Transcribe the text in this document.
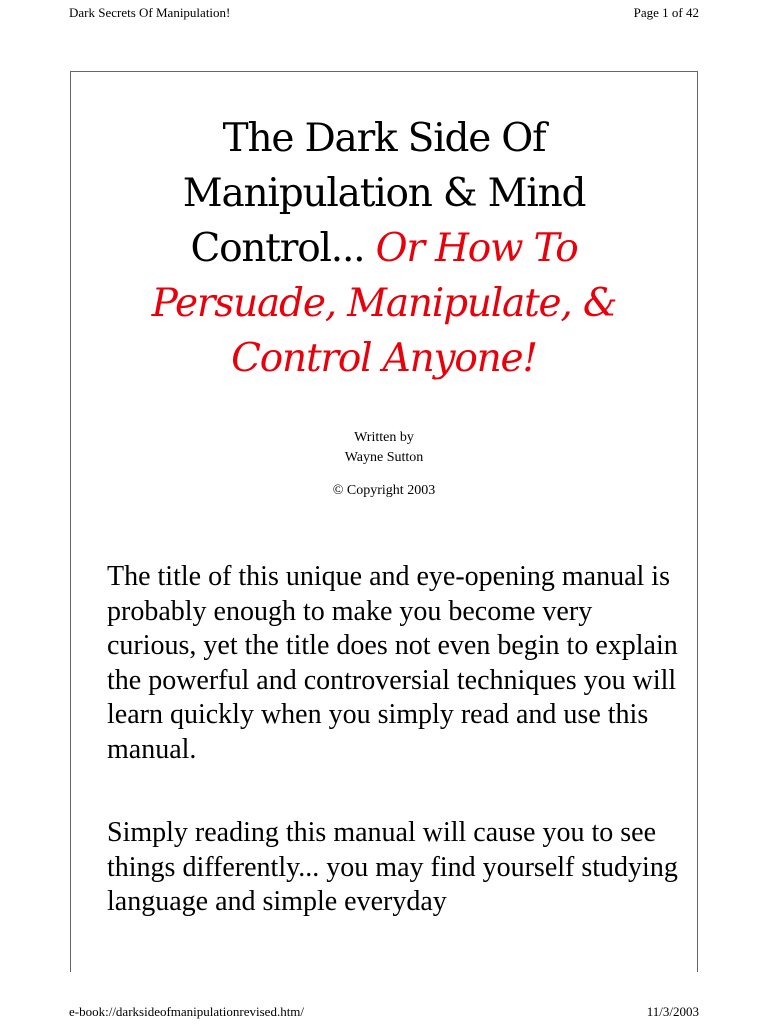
Dark Secrets Of Manipulation!	Page 1 of 42
The Dark Side Of
Manipulation & Mind
Control... Or How To
Persuade, Manipulate, &
Control Anyone!
Written by
Wayne Sutton
© Copyright 2003

The title of this unique and eye-opening manual is probably enough to make you become very curious, yet the title does not even begin to explain the powerful and controversial techniques you will learn quickly when you simply read and use this manual.

Simply reading this manual will cause you to see things differently... you may find yourself studying language and simple everyday

e-book://darksideofmanipulationrevised.htm/	11/3/2003
